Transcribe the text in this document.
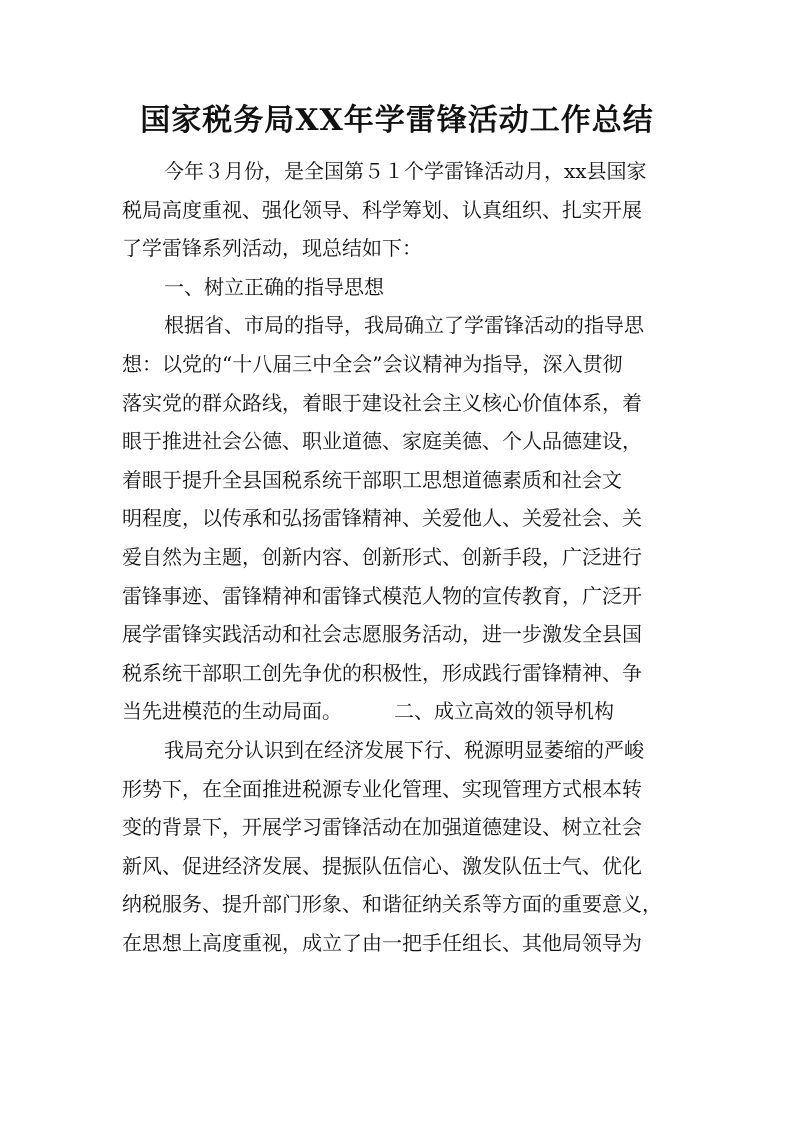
国家税务局XX年学雷锋活动工作总结
今年３月份，是全国第５１个学雷锋活动月，xx县国家
税局高度重视、强化领导、科学筹划、认真组织、扎实开展
了学雷锋系列活动，现总结如下：
一、树立正确的指导思想
根据省、市局的指导，我局确立了学雷锋活动的指导思
想：以党的“十八届三中全会”会议精神为指导，深入贯彻
落实党的群众路线，着眼于建设社会主义核心价值体系，着
眼于推进社会公德、职业道德、家庭美德、个人品德建设，
着眼于提升全县国税系统干部职工思想道德素质和社会文
明程度，以传承和弘扬雷锋精神、关爱他人、关爱社会、关
爱自然为主题，创新内容、创新形式、创新手段，广泛进行
雷锋事迹、雷锋精神和雷锋式模范人物的宣传教育，广泛开
展学雷锋实践活动和社会志愿服务活动，进一步激发全县国
税系统干部职工创先争优的积极性，形成践行雷锋精神、争
当先进模范的生动局面。	二、成立高效的领导机构
我局充分认识到在经济发展下行、税源明显萎缩的严峻
形势下，在全面推进税源专业化管理、实现管理方式根本转
变的背景下，开展学习雷锋活动在加强道德建设、树立社会
新风、促进经济发展、提振队伍信心、激发队伍士气、优化
纳税服务、提升部门形象、和谐征纳关系等方面的重要意义，
在思想上高度重视，成立了由一把手任组长、其他局领导为
